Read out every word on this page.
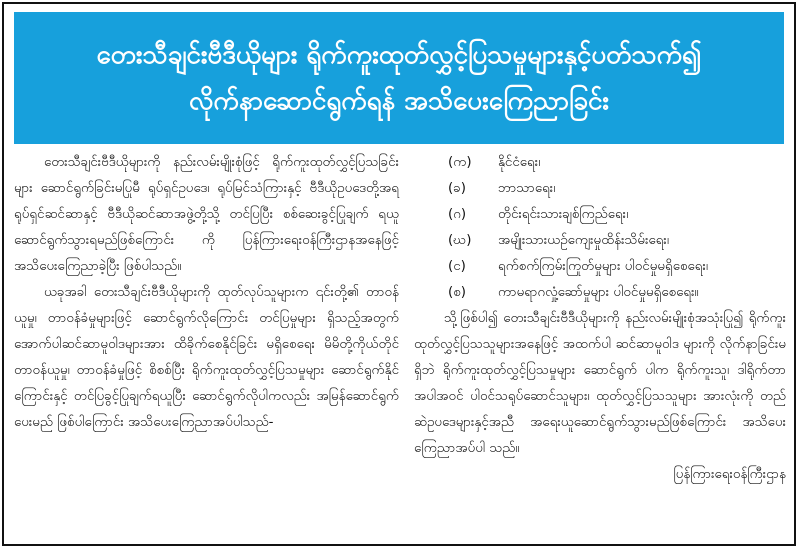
တေးသီချင်းဗီဒီယိုများ ရိုက်ကူးထုတ်လွှင့်ပြသမှုများနှင့်ပတ်သက်၍
လိုက်နာဆောင်ရွက်ရန် အသိပေးကြေညာခြင်း

တေးသီချင်းဗီဒီယိုများကို နည်းလမ်းမျိုးစုံဖြင့် ရိုက်ကူးထုတ်လွှင့်ပြသခြင်းများ ဆောင်ရွက်ခြင်းမပြုမီ ရုပ်ရှင်ဥပဒေ၊ ရုပ်မြင်သံကြားနှင့် ဗီဒီယိုဥပဒေတို့အရ ရုပ်ရှင်ဆင်ဆာနှင့် ဗီဒီယိုဆင်ဆာအဖွဲ့တို့သို့ တင်ပြပြီး စစ်ဆေးခွင့်ပြုချက် ရယူဆောင်ရွက်သွားရမည်ဖြစ်ကြောင်း ကို ပြန်ကြားရေးဝန်ကြီးဌာနအနေဖြင့် အသိပေးကြေညာခဲ့ပြီး ဖြစ်ပါသည်။

ယခုအခါ တေးသီချင်းဗီဒီယိုများကို ထုတ်လုပ်သူများက ၎င်းတို့၏ တာဝန်ယူမှု၊ တာဝန်ခံမှုများဖြင့် ဆောင်ရွက်လိုကြောင်း တင်ပြမှုများ ရှိသည့်အတွက် အောက်ပါဆင်ဆာမူဝါဒများအား ထိခိုက်စေနိုင်ခြင်း မရှိစေရေး မိမိတို့ကိုယ်တိုင် တာဝန်ယူမှု၊ တာဝန်ခံမှုဖြင့် စိစစ်ပြီး ရိုက်ကူးထုတ်လွှင့်ပြသမှုများ ဆောင်ရွက်နိုင်ကြောင်းနှင့် တင်ပြခွင့်ပြုချက်ရယူပြီး ဆောင်ရွက်လိုပါကလည်း အမြန်ဆောင်ရွက်ပေးမည် ဖြစ်ပါကြောင်း အသိပေးကြေညာအပ်ပါသည်-

(က) နိုင်ငံရေး၊
(ခ) ဘာသာရေး၊
(ဂ) တိုင်းရင်းသားချစ်ကြည်ရေး၊
(ဃ) အမျိုးသားယဉ်ကျေးမှုထိန်းသိမ်းရေး၊
(င) ရက်စက်ကြမ်းကြုတ်မှုများ ပါဝင်မှုမရှိစေရေး၊
(စ) ကာမရာဂလှုံ့ဆော်မှုများ ပါဝင်မှုမရှိစေရေး။

သို့ဖြစ်ပါ၍ တေးသီချင်းဗီဒီယိုများကို နည်းလမ်းမျိုးစုံအသုံးပြု၍ ရိုက်ကူးထုတ်လွှင့်ပြသသူများအနေဖြင့် အထက်ပါ ဆင်ဆာမူဝါဒ များကို လိုက်နာခြင်းမရှိဘဲ ရိုက်ကူးထုတ်လွှင့်ပြသမှုများ ဆောင်ရွက် ပါက ရိုက်ကူးသူ၊ ဒါရိုက်တာအပါအဝင် ပါဝင်သရုပ်ဆောင်သူများ၊ ထုတ်လွှင့်ပြသသူများ အားလုံးကို တည်ဆဲဥပဒေများနှင့်အညီ အရေးယူဆောင်ရွက်သွားမည်ဖြစ်ကြောင်း အသိပေးကြေညာအပ်ပါ သည်။

ပြန်ကြားရေးဝန်ကြီးဌာန
